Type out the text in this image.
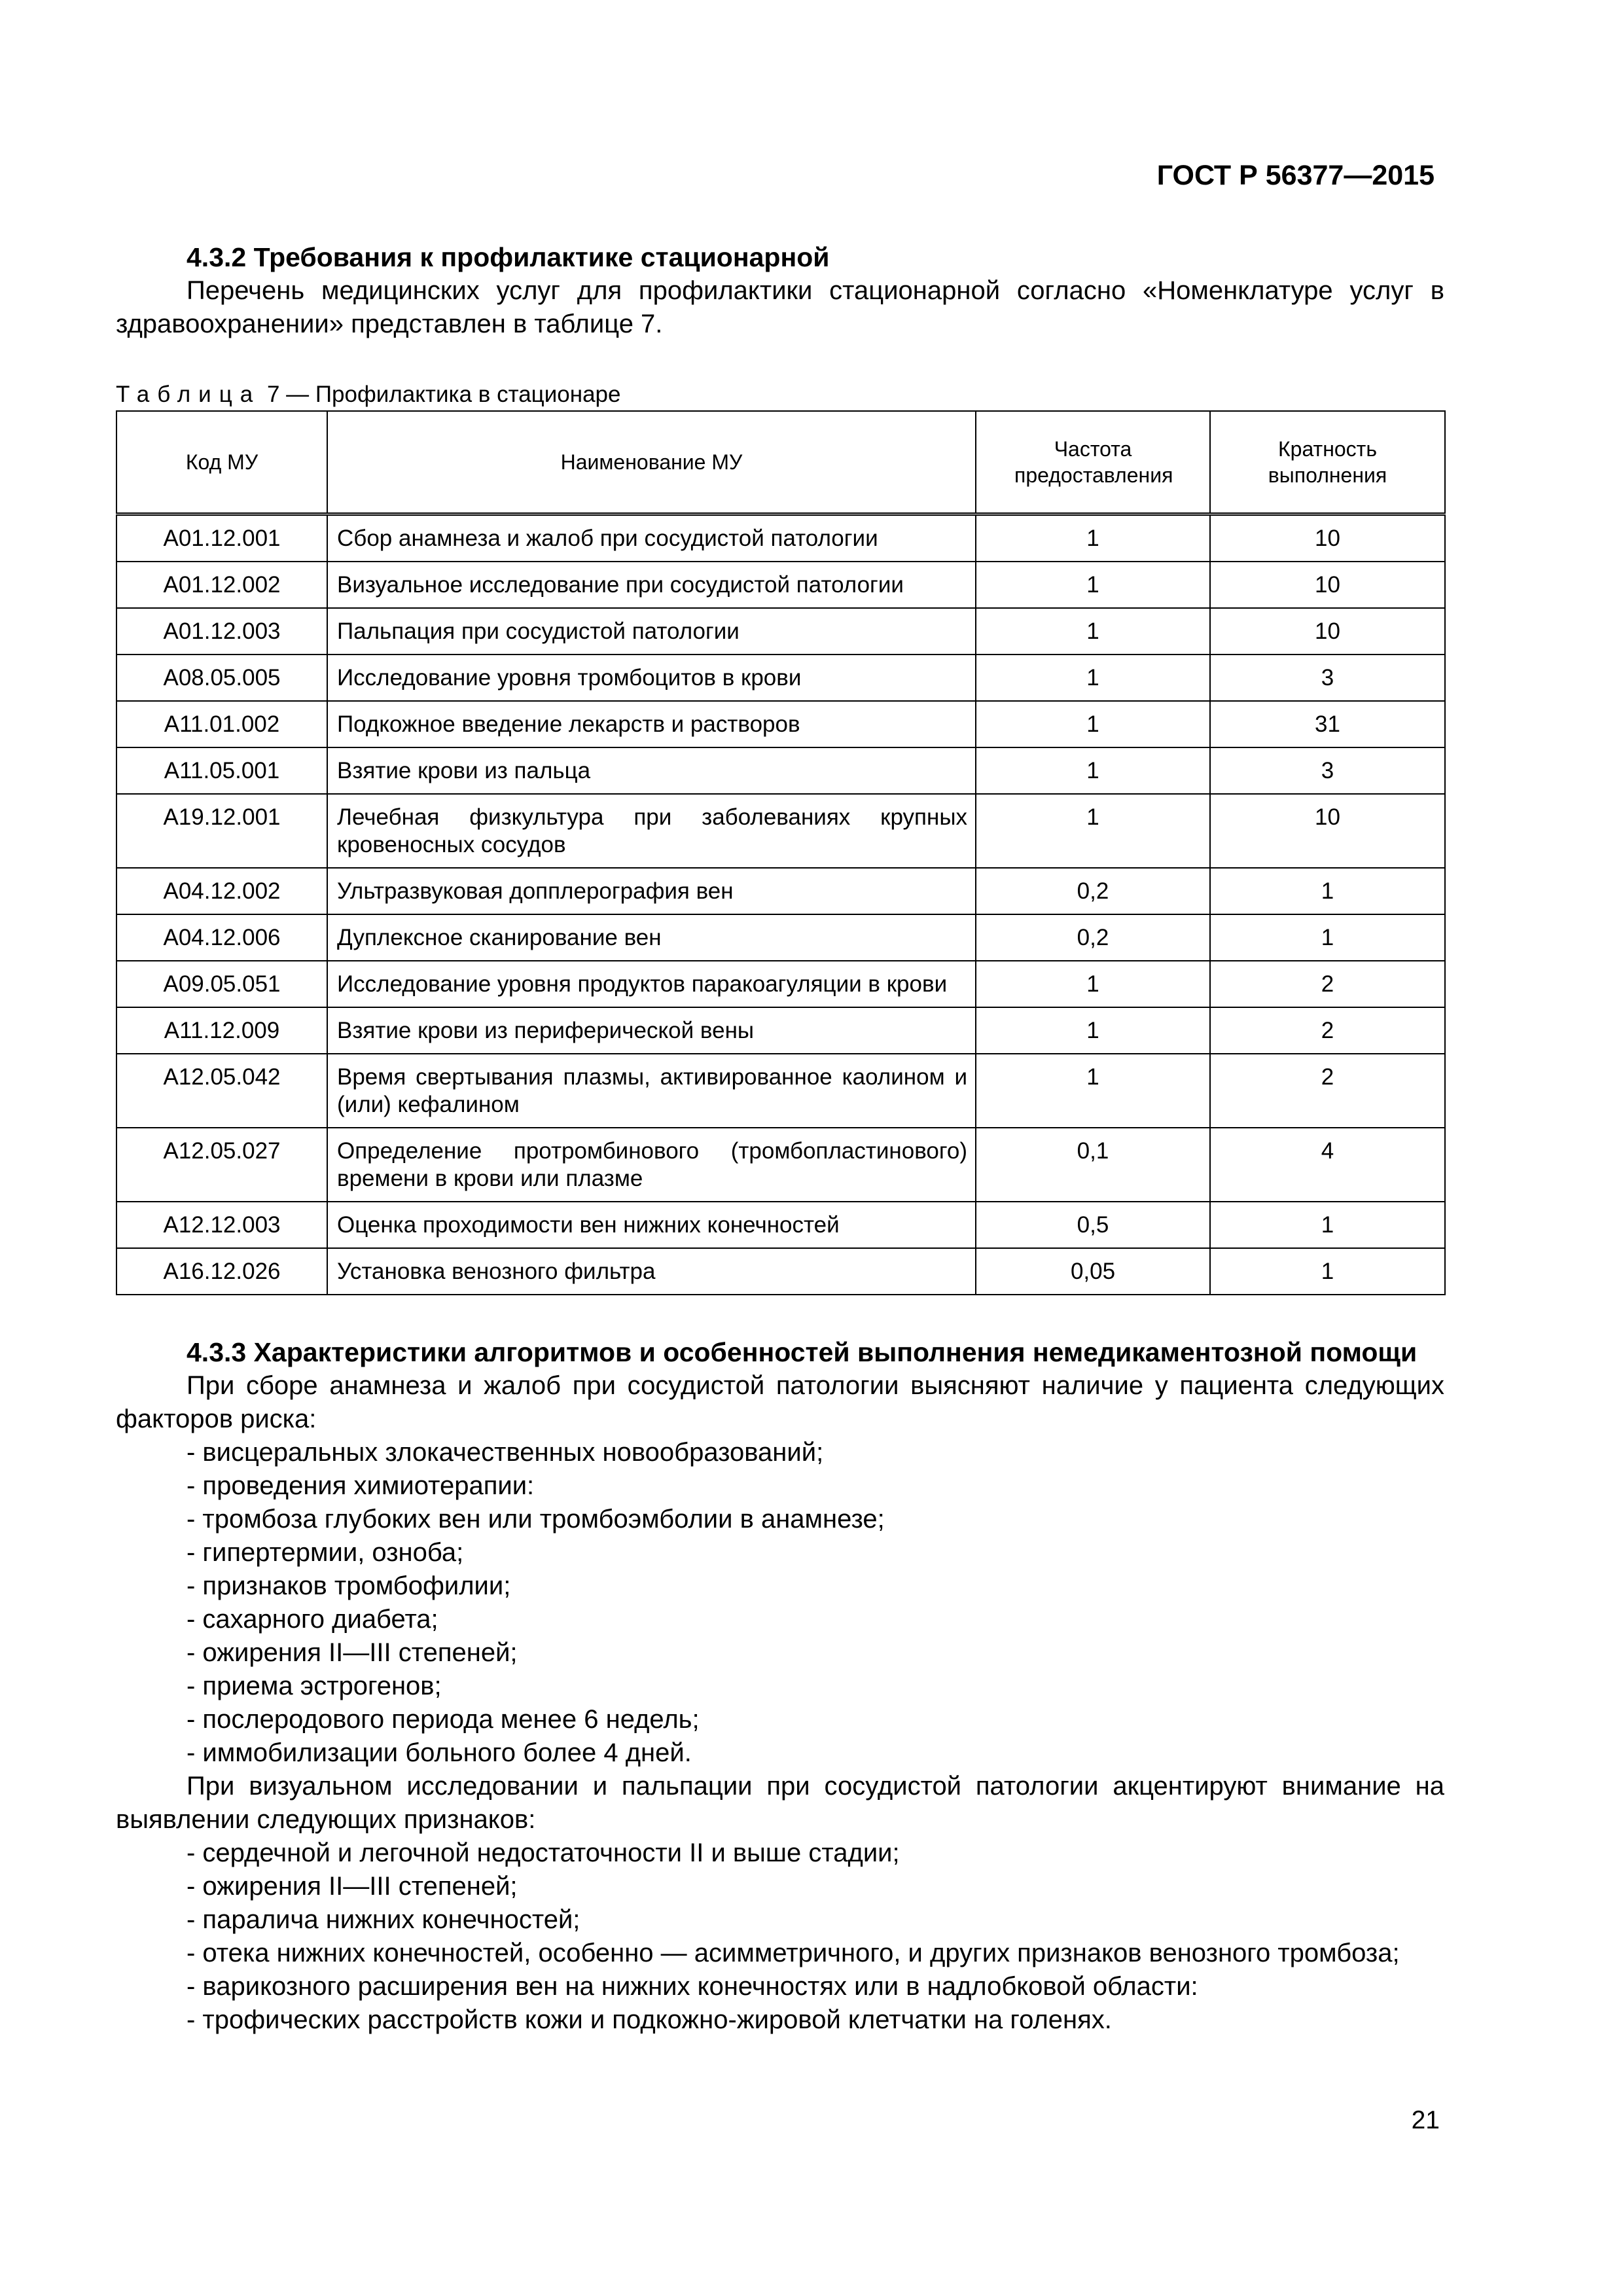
ГОСТ Р 56377—2015

4.3.2 Требования к профилактике стационарной

Перечень медицинских услуг для профилактики стационарной согласно «Номенклатуре услуг в здравоохранении» представлен в таблице 7.

Таблица 7 — Профилактика в стационаре
Код МУ	Наименование МУ	Частота предоставления	Кратность выполнения

A01.12.001	Сбор анамнеза и жалоб при сосудистой патологии	1	10
A01.12.002	Визуальное исследование при сосудистой патологии	1	10
A01.12.003	Пальпация при сосудистой патологии	1	10
A08.05.005	Исследование уровня тромбоцитов в крови	1	3
A11.01.002	Подкожное введение лекарств и растворов	1	31
A11.05.001	Взятие крови из пальца	1	3
A19.12.001	Лечебная физкультура при заболеваниях крупных кровеносных сосудов	1	10
A04.12.002	Ультразвуковая допплерография вен	0,2	1
A04.12.006	Дуплексное сканирование вен	0,2	1
A09.05.051	Исследование уровня продуктов паракоагуляции в крови	1	2
A11.12.009	Взятие крови из периферической вены	1	2
A12.05.042	Время свертывания плазмы, активированное каолином и (или) кефалином	1	2
A12.05.027	Определение протромбинового (тромбопластинового) времени в крови или плазме	0,1	4
A12.12.003	Оценка проходимости вен нижних конечностей	0,5	1
A16.12.026	Установка венозного фильтра	0,05	1

4.3.3 Характеристики алгоритмов и особенностей выполнения немедикаментозной помощи

При сборе анамнеза и жалоб при сосудистой патологии выясняют наличие у пациента следующих факторов риска:

- висцеральных злокачественных новообразований;

- проведения химиотерапии:

- тромбоза глубоких вен или тромбоэмболии в анамнезе;

- гипертермии, озноба;

- признаков тромбофилии;

- сахарного диабета;

- ожирения II—III степеней;

- приема эстрогенов;

- послеродового периода менее 6 недель;

- иммобилизации больного более 4 дней.

При визуальном исследовании и пальпации при сосудистой патологии акцентируют внимание на выявлении следующих признаков:

- сердечной и легочной недостаточности II и выше стадии;

- ожирения II—III степеней;

- паралича нижних конечностей;

- отека нижних конечностей, особенно — асимметричного, и других признаков венозного тромбоза;

- варикозного расширения вен на нижних конечностях или в надлобковой области:

- трофических расстройств кожи и подкожно-жировой клетчатки на голенях.

21
